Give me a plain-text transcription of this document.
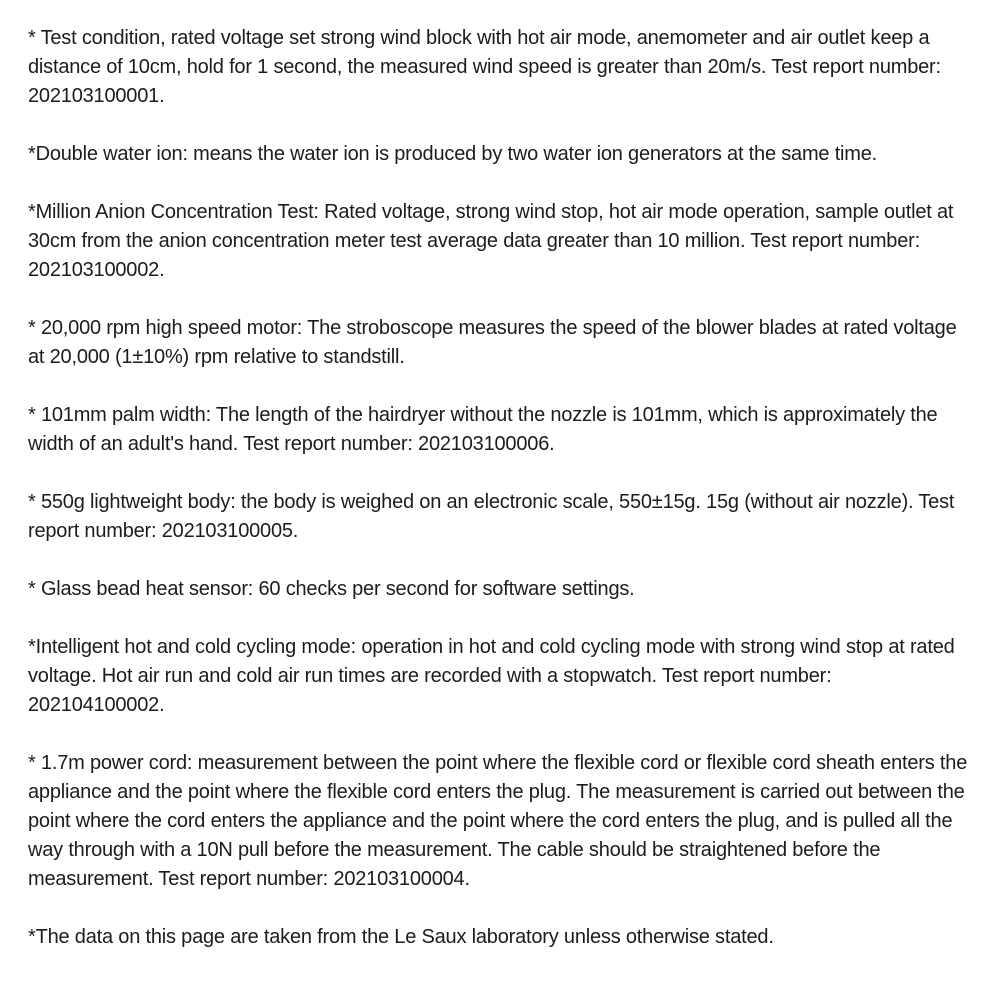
* Test condition, rated voltage set strong wind block with hot air mode, anemometer and air outlet keep a distance of 10cm, hold for 1 second, the measured wind speed is greater than 20m/s. Test report number: 202103100001.

*Double water ion: means the water ion is produced by two water ion generators at the same time.

*Million Anion Concentration Test: Rated voltage, strong wind stop, hot air mode operation, sample outlet at 30cm from the anion concentration meter test average data greater than 10 million. Test report number: 202103100002.

* 20,000 rpm high speed motor: The stroboscope measures the speed of the blower blades at rated voltage at 20,000 (1±10%) rpm relative to standstill.

* 101mm palm width: The length of the hairdryer without the nozzle is 101mm, which is approximately the width of an adult's hand. Test report number: 202103100006.

* 550g lightweight body: the body is weighed on an electronic scale, 550±15g. 15g (without air nozzle). Test report number: 202103100005.

* Glass bead heat sensor: 60 checks per second for software settings.

*Intelligent hot and cold cycling mode: operation in hot and cold cycling mode with strong wind stop at rated voltage. Hot air run and cold air run times are recorded with a stopwatch. Test report number: 202104100002.

* 1.7m power cord: measurement between the point where the flexible cord or flexible cord sheath enters the appliance and the point where the flexible cord enters the plug. The measurement is carried out between the point where the cord enters the appliance and the point where the cord enters the plug, and is pulled all the way through with a 10N pull before the measurement. The cable should be straightened before the measurement. Test report number: 202103100004.

*The data on this page are taken from the Le Saux laboratory unless otherwise stated.
